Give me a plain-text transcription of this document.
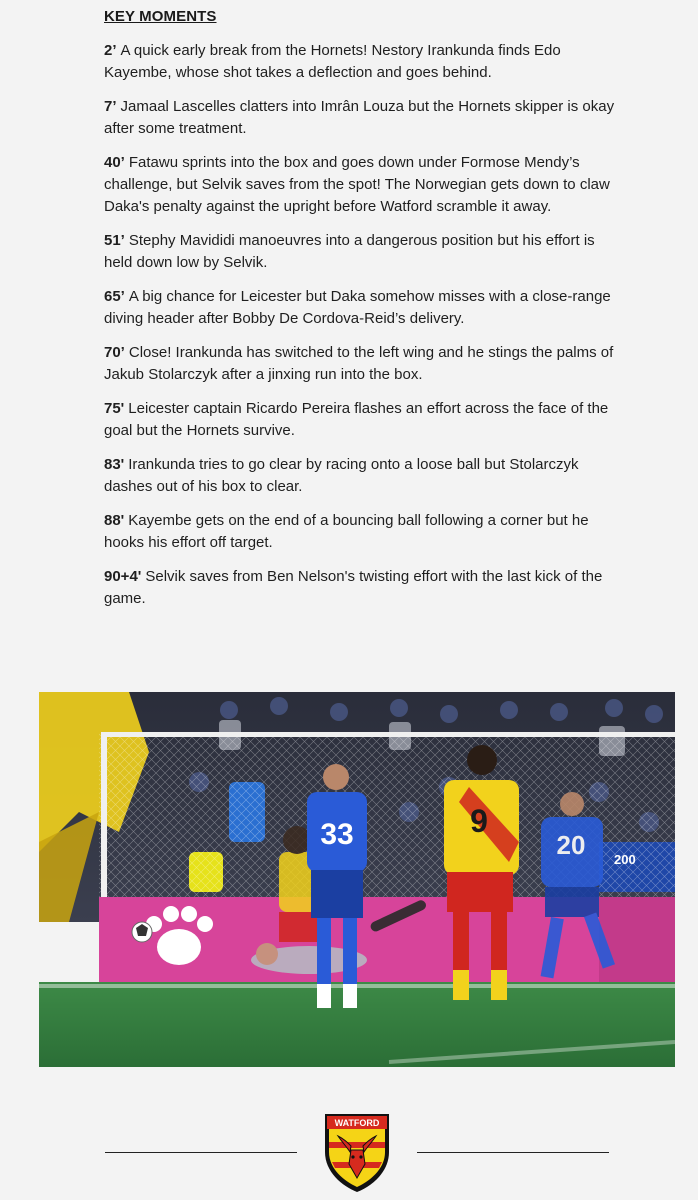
KEY MOMENTS
2’ A quick early break from the Hornets! Nestory Irankunda finds Edo Kayembe, whose shot takes a deflection and goes behind.
7’ Jamaal Lascelles clatters into Imrân Louza but the Hornets skipper is okay after some treatment.
40’ Fatawu sprints into the box and goes down under Formose Mendy’s challenge, but Selvik saves from the spot! The Norwegian gets down to claw Daka's penalty against the upright before Watford scramble it away.
51’ Stephy Mavididi manoeuvres into a dangerous position but his effort is held down low by Selvik.
65’ A big chance for Leicester but Daka somehow misses with a close-range diving header after Bobby De Cordova-Reid’s delivery.
70’ Close! Irankunda has switched to the left wing and he stings the palms of Jakub Stolarczyk after a jinxing run into the box.
75' Leicester captain Ricardo Pereira flashes an effort across the face of the goal but the Hornets survive.
83' Irankunda tries to go clear by racing onto a loose ball but Stolarczyk dashes out of his box to clear.
88' Kayembe gets on the end of a bouncing ball following a corner but he hooks his effort off target.
90+4' Selvik saves from Ben Nelson's twisting effort with the last kick of the game.
33	9
20
WATFORD
